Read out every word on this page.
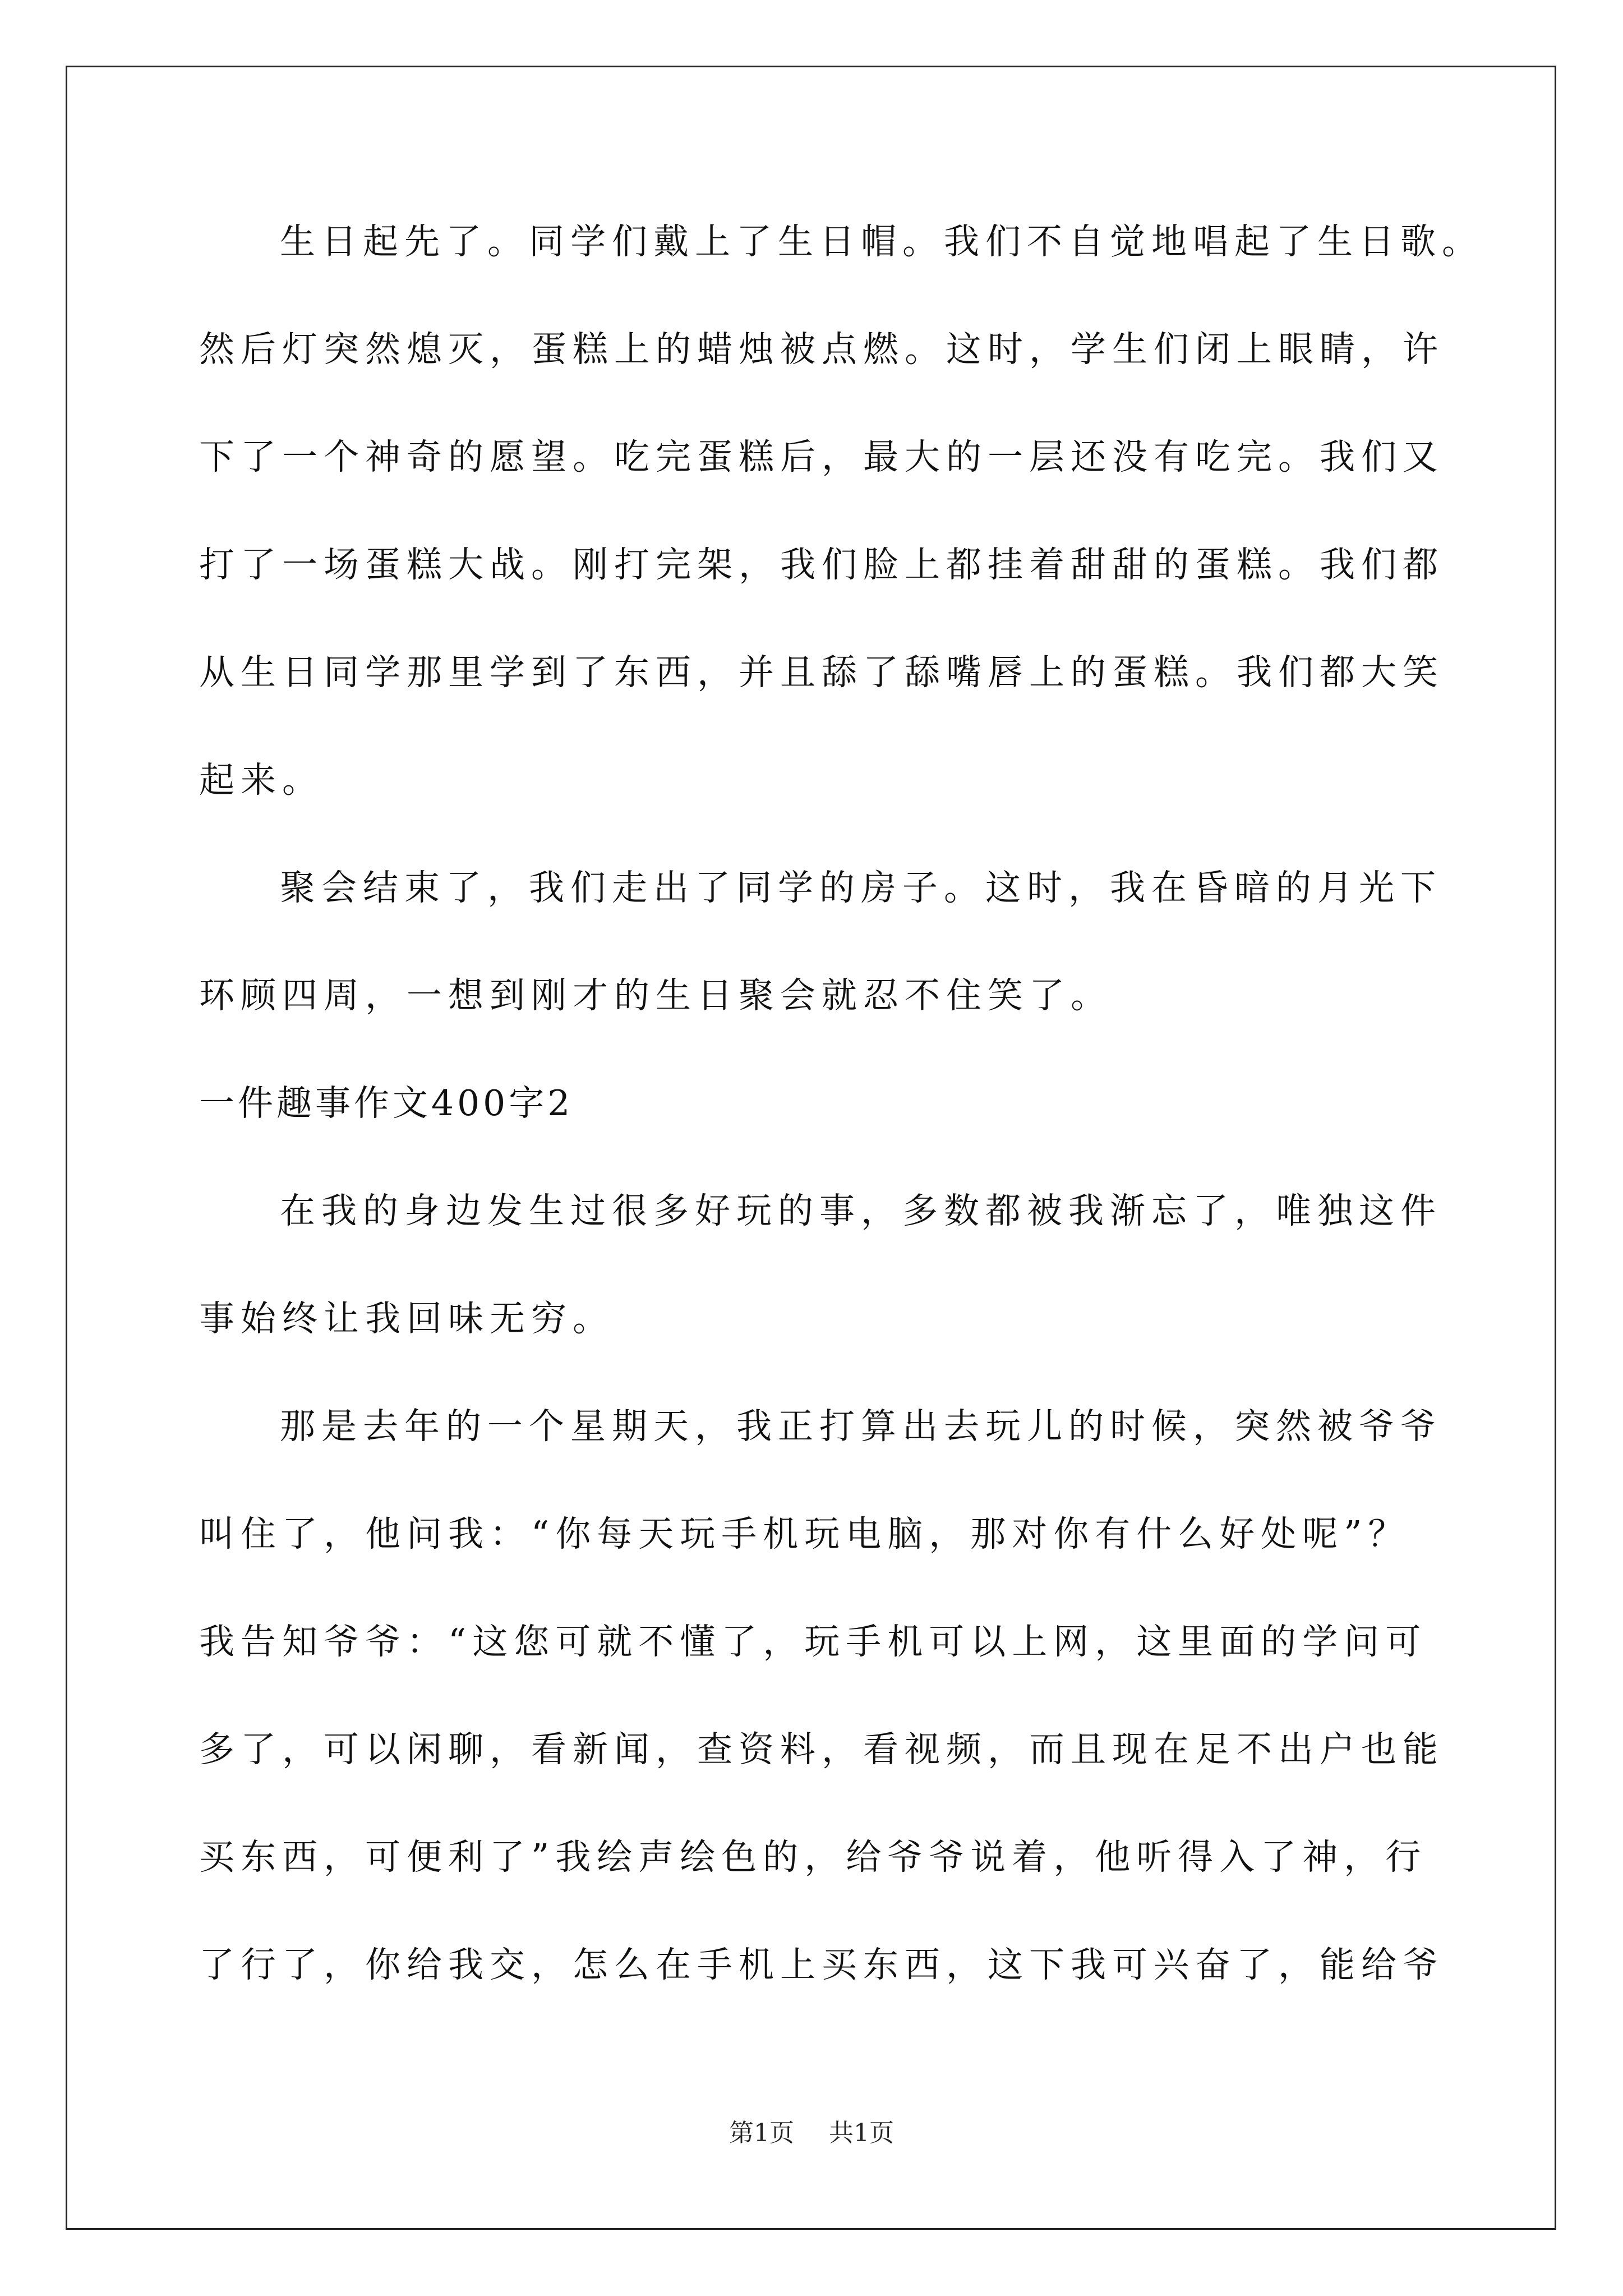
生日起先了。同学们戴上了生日帽。我们不自觉地唱起了生日歌。
然后灯突然熄灭，蛋糕上的蜡烛被点燃。这时，学生们闭上眼睛，许
下了一个神奇的愿望。吃完蛋糕后，最大的一层还没有吃完。我们又
打了一场蛋糕大战。刚打完架，我们脸上都挂着甜甜的蛋糕。我们都
从生日同学那里学到了东西，并且舔了舔嘴唇上的蛋糕。我们都大笑
起来。
聚会结束了，我们走出了同学的房子。这时，我在昏暗的月光下
环顾四周，一想到刚才的生日聚会就忍不住笑了。
一件趣事作文400字2
在我的身边发生过很多好玩的事，多数都被我渐忘了，唯独这件
事始终让我回味无穷。
那是去年的一个星期天，我正打算出去玩儿的时候，突然被爷爷
叫住了，他问我：“你每天玩手机玩电脑，那对你有什么好处呢”？
我告知爷爷：“这您可就不懂了，玩手机可以上网，这里面的学问可
多了，可以闲聊，看新闻，查资料，看视频，而且现在足不出户也能
买东西，可便利了”我绘声绘色的，给爷爷说着，他听得入了神，行
了行了，你给我交，怎么在手机上买东西，这下我可兴奋了，能给爷
第1页 共1页
